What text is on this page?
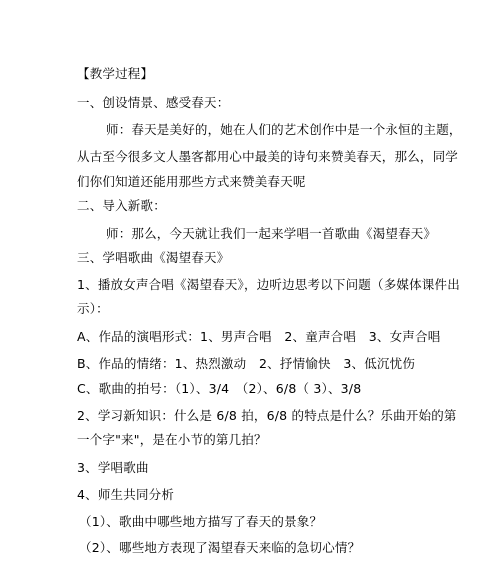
【教学过程】
一、创设情景、感受春天：
师：春天是美好的，她在人们的艺术创作中是一个永恒的主题，
从古至今很多文人墨客都用心中最美的诗句来赞美春天，那么，同学
们你们知道还能用那些方式来赞美春天呢
二、导入新歌：
师：那么，今天就让我们一起来学唱一首歌曲《渴望春天》
三、学唱歌曲《渴望春天》
1、播放女声合唱《渴望春天》，边听边思考以下问题（多媒体课件出
示）：
A、作品的演唱形式：1、男声合唱　2、童声合唱　3、女声合唱
B、作品的情绪：1、热烈激动　2、抒情愉快　3、低沉忧伤
C、歌曲的拍号：（1）、3/4　（2）、6/8（ 3）、3/8
2、学习新知识：什么是 6/8 拍，6/8 的特点是什么？乐曲开始的第
一个字"来"，是在小节的第几拍？
3、学唱歌曲
4、师生共同分析
（1）、歌曲中哪些地方描写了春天的景象？
（2）、哪些地方表现了渴望春天来临的急切心情？
